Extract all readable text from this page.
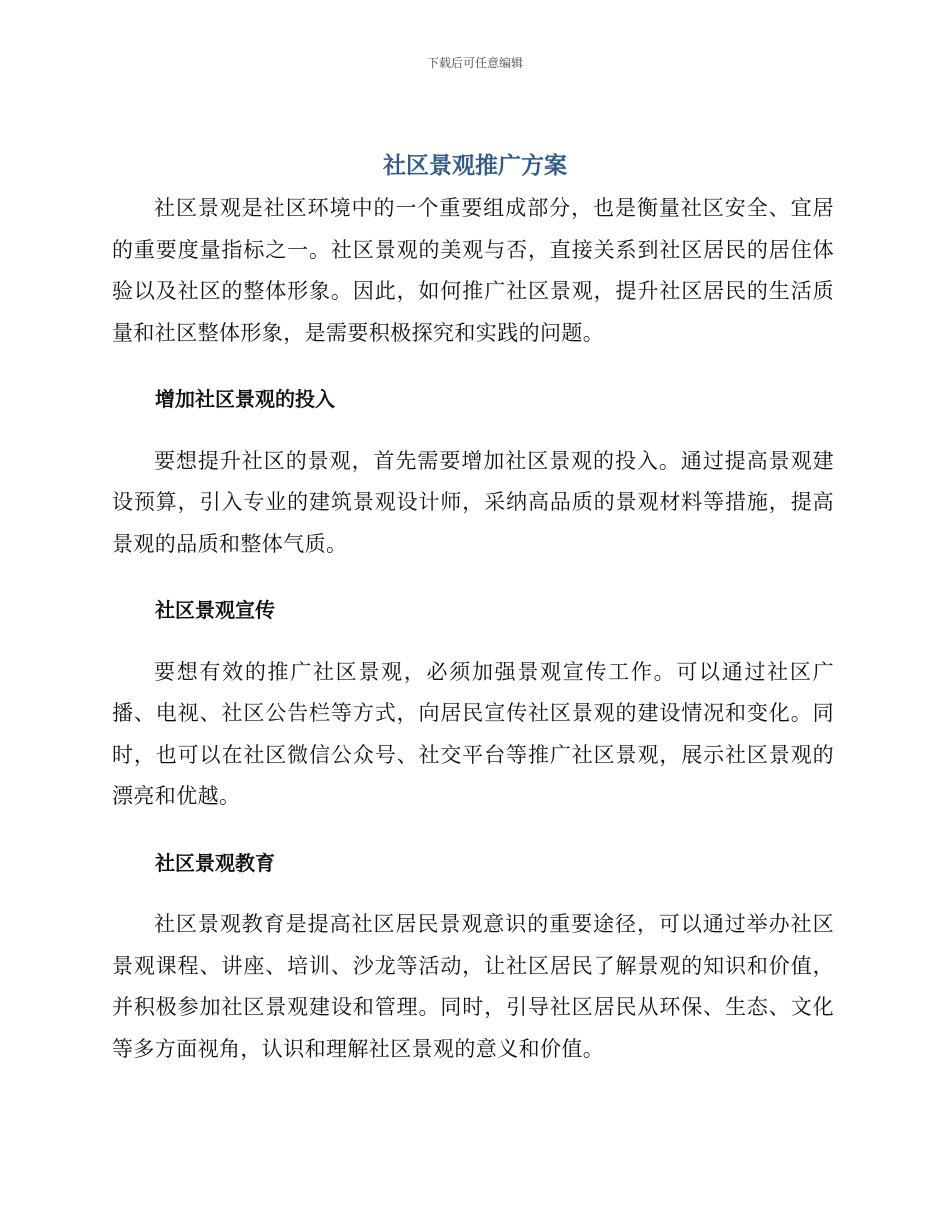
下载后可任意编辑
社区景观推广方案

社区景观是社区环境中的一个重要组成部分，也是衡量社区安全、宜居的重要度量指标之一。社区景观的美观与否，直接关系到社区居民的居住体验以及社区的整体形象。因此，如何推广社区景观，提升社区居民的生活质量和社区整体形象，是需要积极探究和实践的问题。

增加社区景观的投入

要想提升社区的景观，首先需要增加社区景观的投入。通过提高景观建设预算，引入专业的建筑景观设计师，采纳高品质的景观材料等措施，提高景观的品质和整体气质。

社区景观宣传

要想有效的推广社区景观，必须加强景观宣传工作。可以通过社区广播、电视、社区公告栏等方式，向居民宣传社区景观的建设情况和变化。同时，也可以在社区微信公众号、社交平台等推广社区景观，展示社区景观的漂亮和优越。

社区景观教育

社区景观教育是提高社区居民景观意识的重要途径，可以通过举办社区景观课程、讲座、培训、沙龙等活动，让社区居民了解景观的知识和价值，并积极参加社区景观建设和管理。同时，引导社区居民从环保、生态、文化等多方面视角，认识和理解社区景观的意义和价值。
